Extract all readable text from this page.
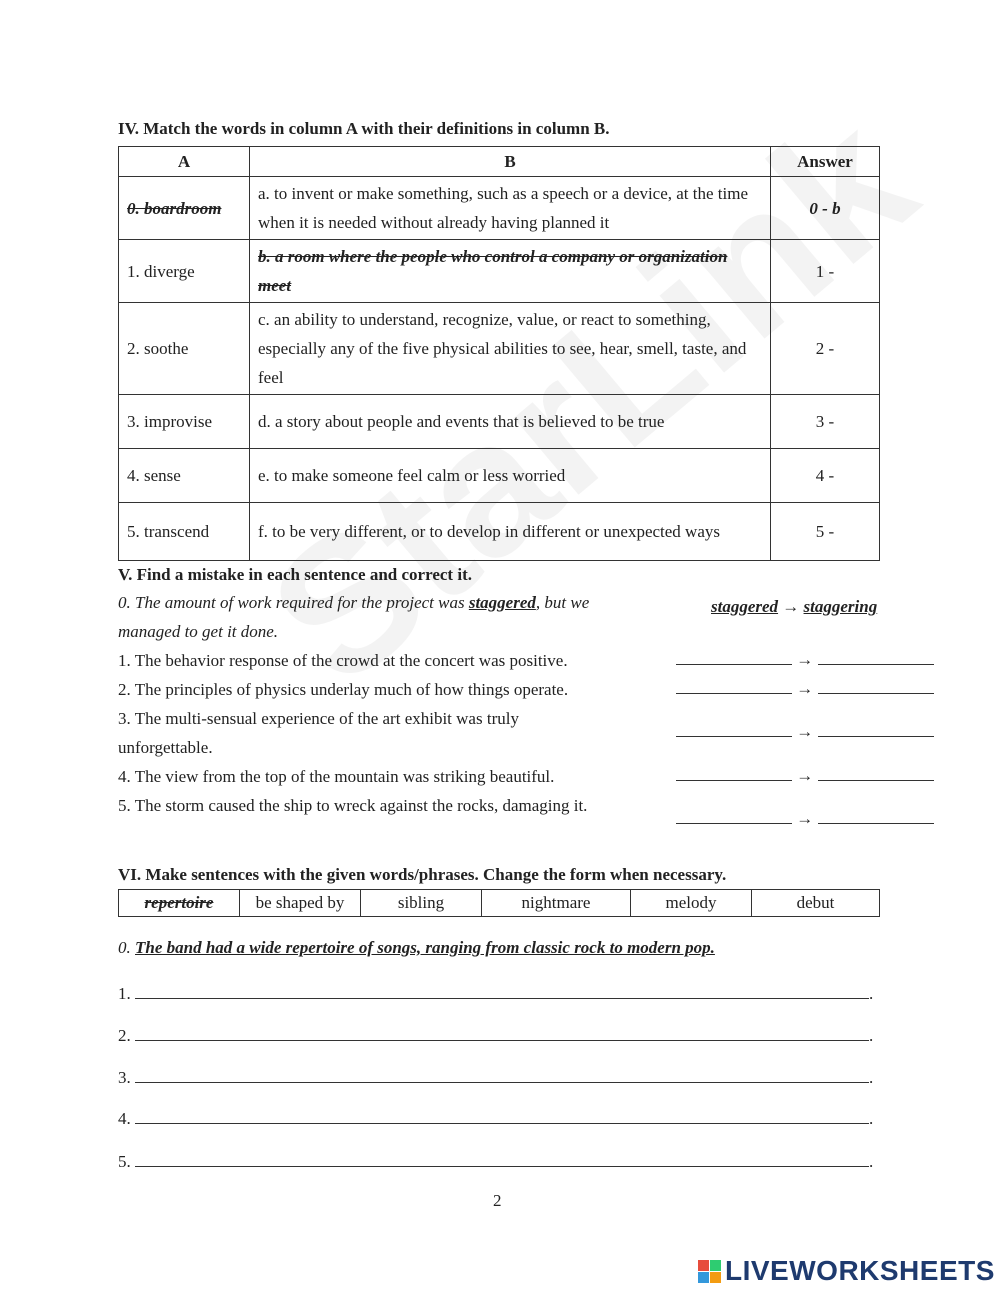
IV. Match the words in column A with their definitions in column B.
A	B	Answer
0. boardroom	a. to invent or make something, such as a speech or a device, at the time when it is needed without already having planned it	0 - b
1. diverge	b. a room where the people who control a company or organization meet	1 -
2. soothe	c. an ability to understand, recognize, value, or react to something, especially any of the five physical abilities to see, hear, smell, taste, and feel	2 -
3. improvise	d. a story about people and events that is believed to be true	3 -
4. sense	e. to make someone feel calm or less worried	4 -
5. transcend	f. to be very different, or to develop in different or unexpected ways	5 -
V. Find a mistake in each sentence and correct it.
0. The amount of work required for the project was staggered, but we managed to get it done.
staggered → staggering
1. The behavior response of the crowd at the concert was positive.	→
2. The principles of physics underlay much of how things operate.	→
3. The multi-sensual experience of the art exhibit was truly unforgettable.
→
4. The view from the top of the mountain was striking beautiful.	→
5. The storm caused the ship to wreck against the rocks, damaging it.
→
VI. Make sentences with the given words/phrases. Change the form when necessary.
repertoire	be shaped by	sibling	nightmare	melody	debut
0. The band had a wide repertoire of songs, ranging from classic rock to modern pop.
1.	.
2.	.
3.	.
4.	.
5.	.
2
LIVEWORKSHEETS
